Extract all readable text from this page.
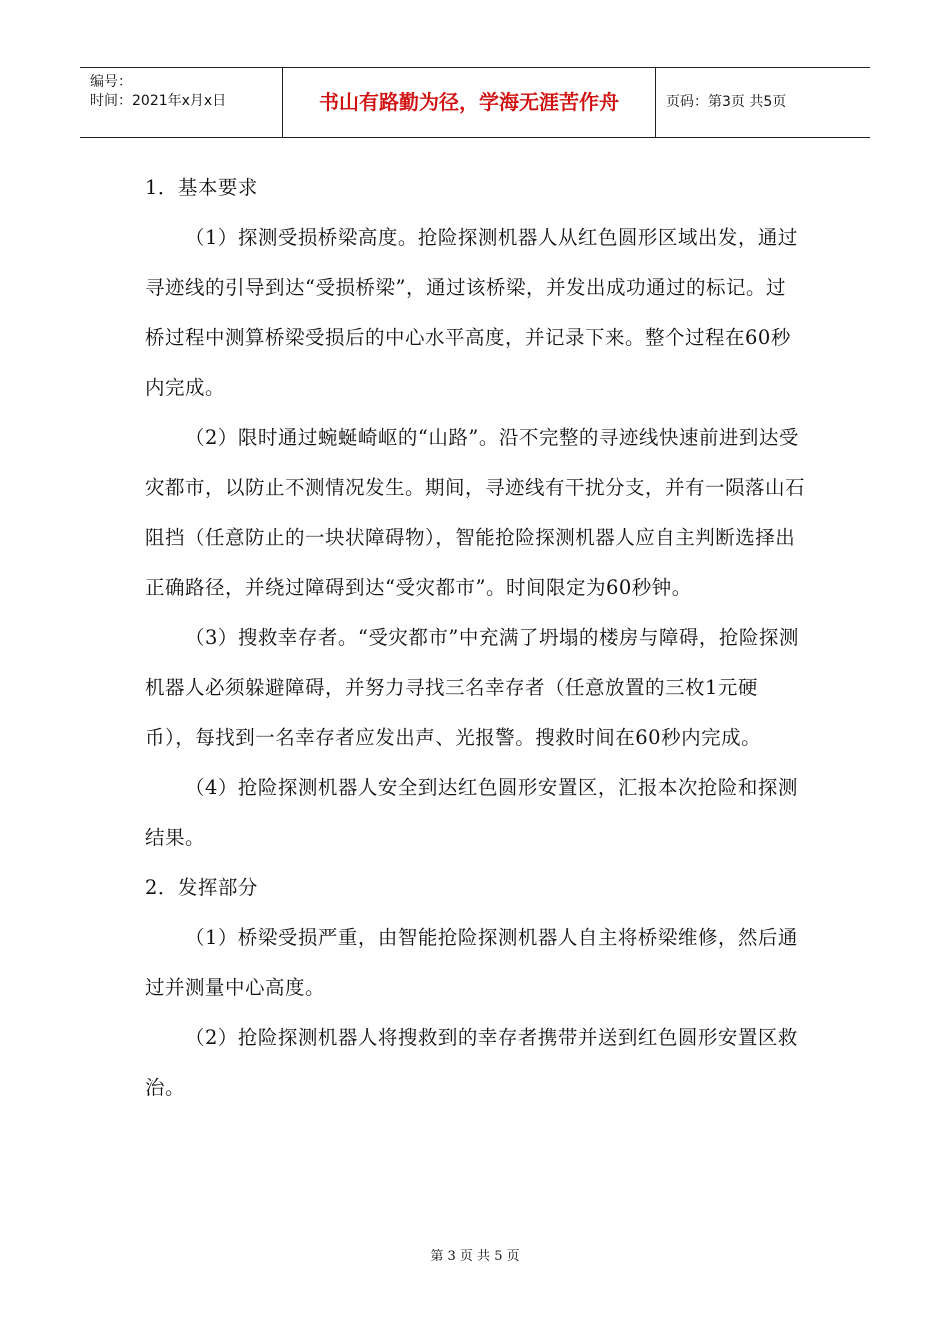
编号：
时间：2021年x月x日	书山有路勤为径，学海无涯苦作舟	页码：第3页 共5页

1．基本要求

（1）探测受损桥梁高度。抢险探测机器人从红色圆形区域出发，通过寻迹线的引导到达“受损桥梁”，通过该桥梁，并发出成功通过的标记。过桥过程中测算桥梁受损后的中心水平高度，并记录下来。整个过程在60秒内完成。

（2）限时通过蜿蜒崎岖的“山路”。沿不完整的寻迹线快速前进到达受灾都市，以防止不测情况发生。期间，寻迹线有干扰分支，并有一陨落山石阻挡（任意防止的一块状障碍物），智能抢险探测机器人应自主判断选择出正确路径，并绕过障碍到达“受灾都市”。时间限定为60秒钟。

（3）搜救幸存者。“受灾都市”中充满了坍塌的楼房与障碍，抢险探测机器人必须躲避障碍，并努力寻找三名幸存者（任意放置的三枚1元硬币），每找到一名幸存者应发出声、光报警。搜救时间在60秒内完成。

（4）抢险探测机器人安全到达红色圆形安置区，汇报本次抢险和探测结果。

2．发挥部分

（1）桥梁受损严重，由智能抢险探测机器人自主将桥梁维修，然后通过并测量中心高度。

（2）抢险探测机器人将搜救到的幸存者携带并送到红色圆形安置区救治。

第 3 页 共 5 页
